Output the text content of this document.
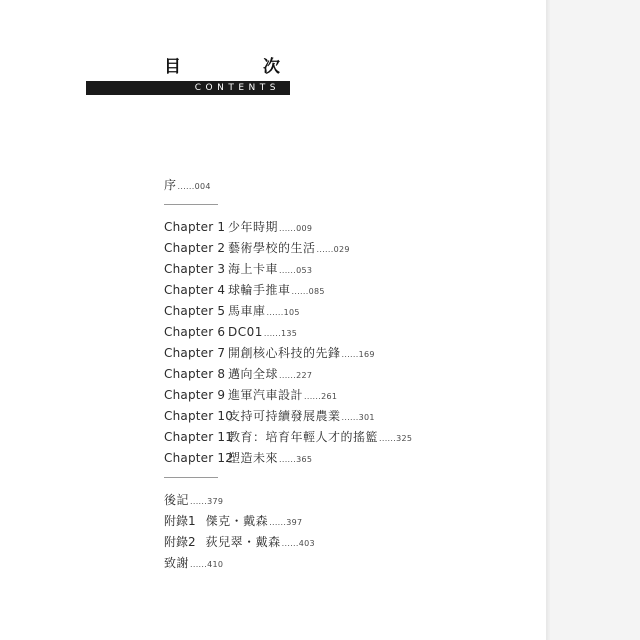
目	次
CONTENTS
序......004
Chapter 1 少年時期......009
Chapter 2 藝術學校的生活......029
Chapter 3 海上卡車......053
Chapter 4 球輪手推車......085
Chapter 5 馬車庫......105
Chapter 6 DC01......135
Chapter 7 開創核心科技的先鋒......169
Chapter 8 邁向全球......227
Chapter 9 進軍汽車設計......261
Chapter 10支持可持續發展農業......301
Chapter 11教育：培育年輕人才的搖籃......325
Chapter 12塑造未來......365
後記......379
附錄1 傑克・戴森......397
附錄2 荻兒翠・戴森......403
致謝......410
